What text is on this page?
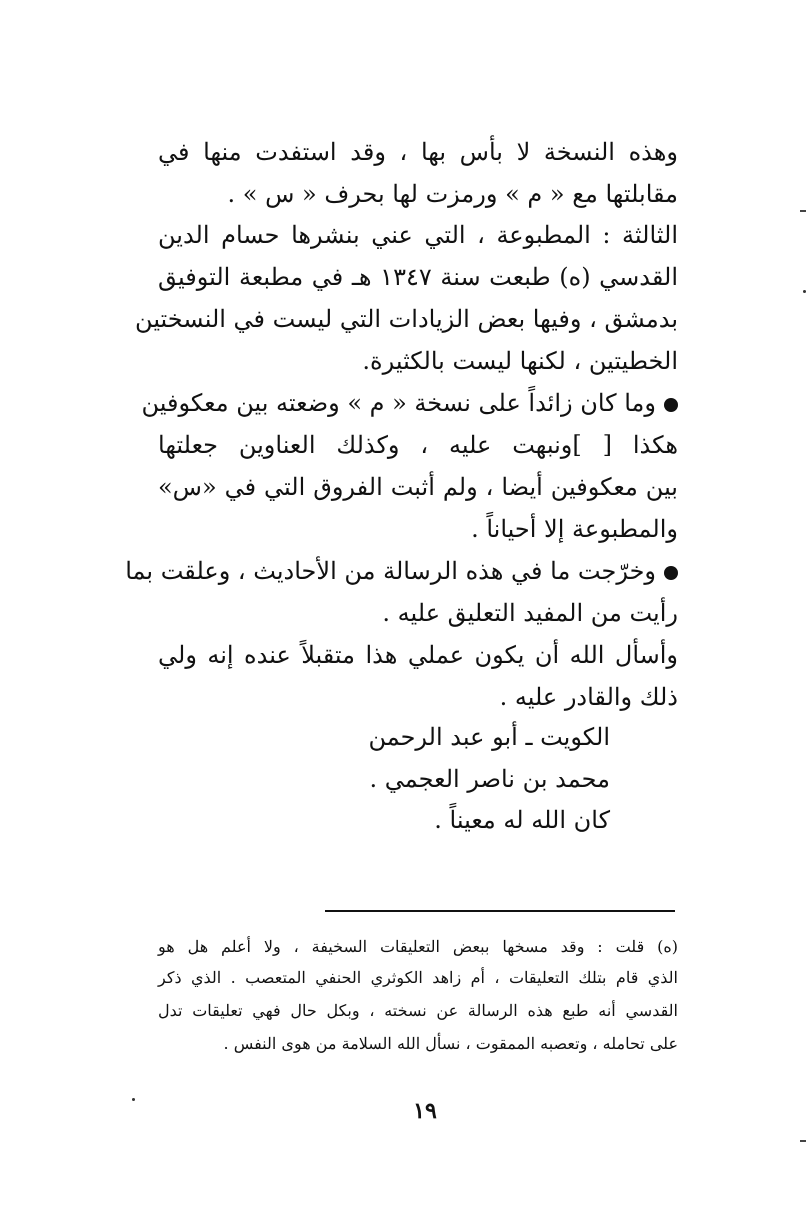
وهذه النسخة لا بأس بها ، وقد استفدت منها في
مقابلتها مع « م » ورمزت لها بحرف « س » .
الثالثة : المطبوعة ، التي عني بنشرها حسام الدين
القدسي (ه) طبعت سنة ١٣٤٧ هـ في مطبعة التوفيق
بدمشق ، وفيها بعض الزيادات التي ليست في النسختين
الخطيتين ، لكنها ليست بالكثيرة.
وما كان زائداً على نسخة « م » وضعته بين معكوفين
هكذا [ ]ونبهت عليه ، وكذلك العناوين جعلتها
بين معكوفين أيضا ، ولم أثبت الفروق التي في «س»
والمطبوعة إلا أحياناً .
وخرّجت ما في هذه الرسالة من الأحاديث ، وعلقت بما
رأيت من المفيد التعليق عليه .
وأسأل الله أن يكون عملي هذا متقبلاً عنده إنه ولي
ذلك والقادر عليه .
الكويت ـ أبو عبد الرحمن
محمد بن ناصر العجمي .
كان الله له معيناً .
(ه) قلت : وقد مسخها ببعض التعليقات السخيفة ، ولا أعلم هل هو
الذي قام بتلك التعليقات ، أم زاهد الكوثري الحنفي المتعصب . الذي ذكر
القدسي أنه طبع هذه الرسالة عن نسخته ، وبكل حال فهي تعليقات تدل
على تحامله ، وتعصبه الممقوت ، نسأل الله السلامة من هوى النفس .
١٩
